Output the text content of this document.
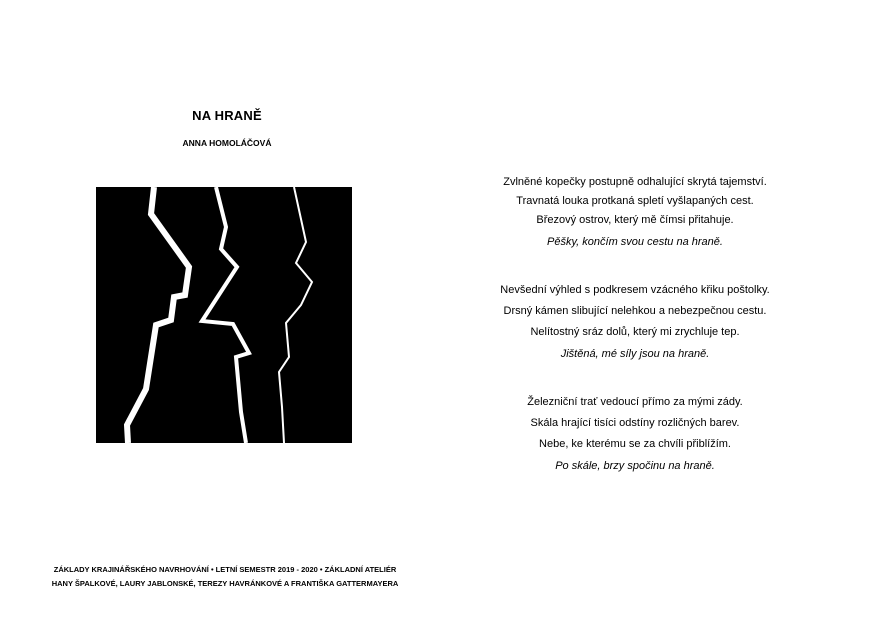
NA HRANĚ
ANNA HOMOLÁČOVÁ
Zvlněné kopečky postupně odhalující skrytá tajemství.
Travnatá louka protkaná spletí vyšlapaných cest.
Březový ostrov, který mě čímsi přitahuje.
Pěšky, končím svou cestu na hraně.
Nevšední výhled s podkresem vzácného křiku poštolky.
Drsný kámen slibující nelehkou a nebezpečnou cestu.
Nelítostný sráz dolů, který mi zrychluje tep.
Jištěná, mé síly jsou na hraně.
Železniční trať vedoucí přímo za mými zády.
Skála hrající tisíci odstíny rozličných barev.
Nebe, ke kterému se za chvíli přiblížím.
Po skále, brzy spočinu na hraně.
ZÁKLADY KRAJINÁŘSKÉHO NAVRHOVÁNÍ • LETNÍ SEMESTR 2019 - 2020 • ZÁKLADNÍ ATELIÉR
HANY ŠPALKOVÉ, LAURY JABLONSKÉ, TEREZY HAVRÁNKOVÉ A FRANTIŠKA GATTERMAYERA
